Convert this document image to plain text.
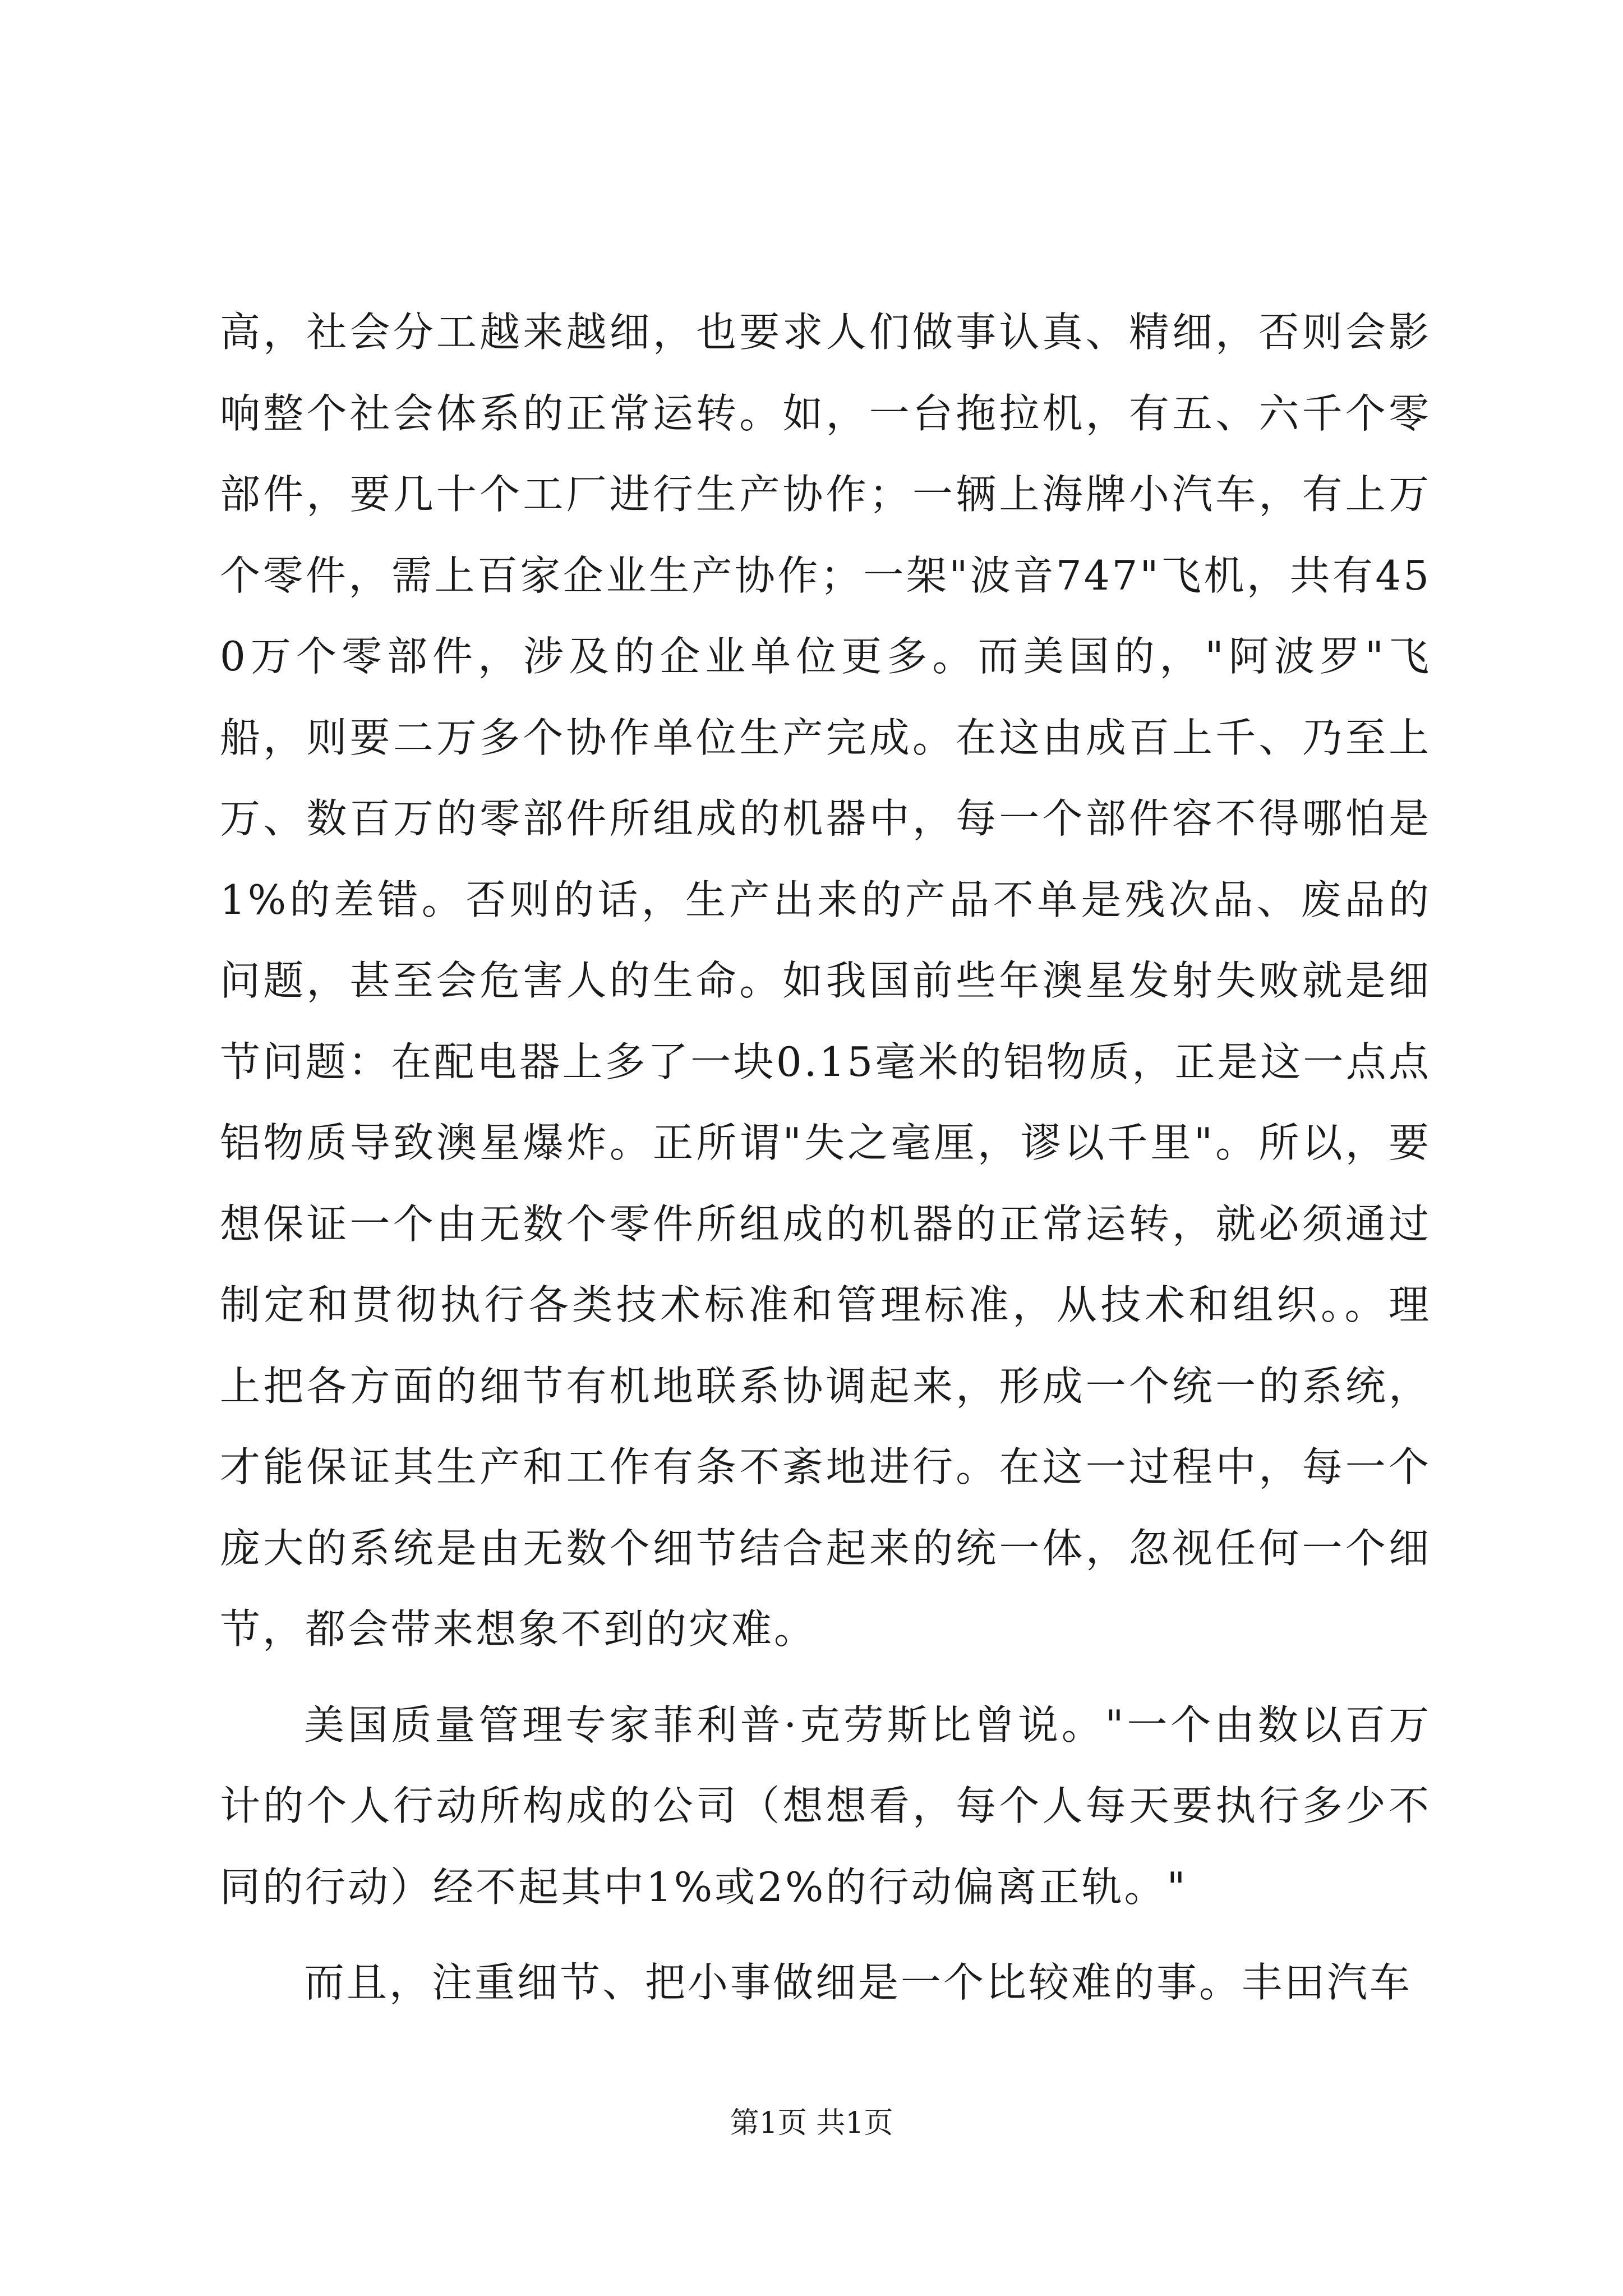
高，社会分工越来越细，也要求人们做事认真、精细，否则会影响整个社会体系的正常运转。如，一台拖拉机，有五、六千个零部件，要几十个工厂进行生产协作；一辆上海牌小汽车，有上万个零件，需上百家企业生产协作；一架"波音747"飞机，共有450万个零部件，涉及的企业单位更多。而美国的，"阿波罗"飞船，则要二万多个协作单位生产完成。在这由成百上千、乃至上万、数百万的零部件所组成的机器中，每一个部件容不得哪怕是1%的差错。否则的话，生产出来的产品不单是残次品、废品的问题，甚至会危害人的生命。如我国前些年澳星发射失败就是细节问题：在配电器上多了一块0.15毫米的铝物质，正是这一点点铝物质导致澳星爆炸。正所谓"失之毫厘，谬以千里"。所以，要想保证一个由无数个零件所组成的机器的正常运转，就必须通过制定和贯彻执行各类技术标准和管理标准，从技术和组织。。理上把各方面的细节有机地联系协调起来，形成一个统一的系统，才能保证其生产和工作有条不紊地进行。在这一过程中，每一个庞大的系统是由无数个细节结合起来的统一体，忽视任何一个细节，都会带来想象不到的灾难。

美国质量管理专家菲利普·克劳斯比曾说。"一个由数以百万计的个人行动所构成的公司（想想看，每个人每天要执行多少不同的行动）经不起其中1%或2%的行动偏离正轨。"

而且，注重细节、把小事做细是一个比较难的事。丰田汽车

第1页 共1页
